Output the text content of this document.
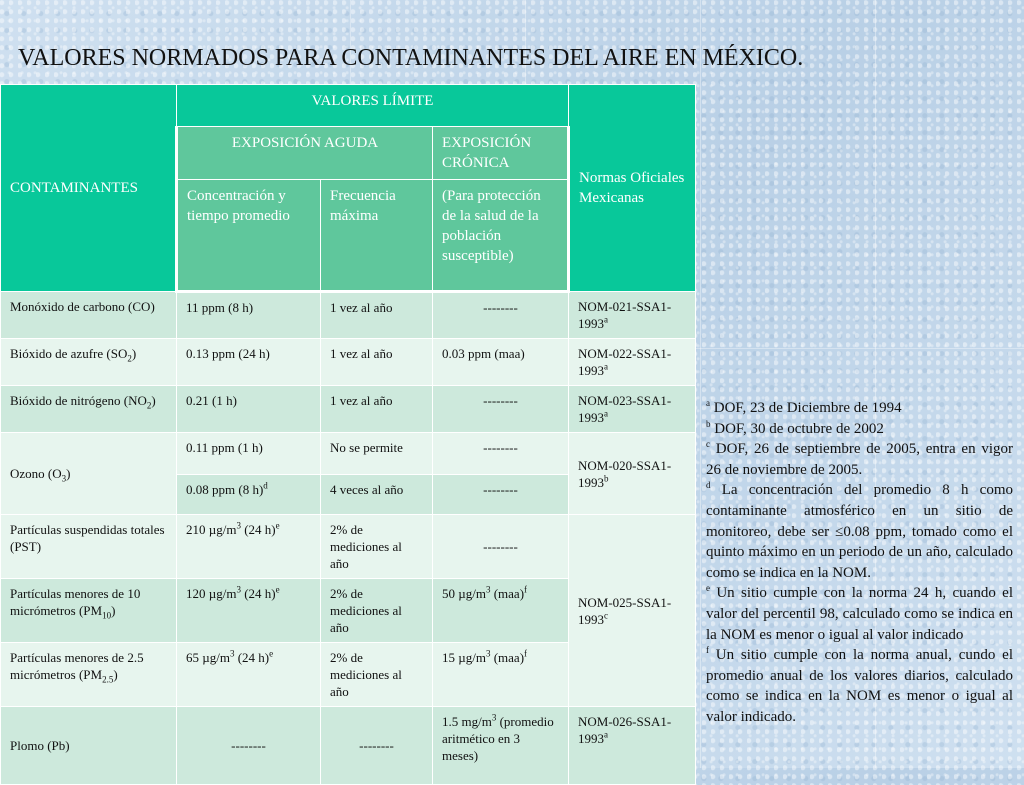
VALORES NORMADOS PARA CONTAMINANTES DEL AIRE EN MÉXICO.
CONTAMINANTES	VALORES LÍMITE			Normas Oficiales Mexicanas
	EXPOSICIÓN AGUDA		EXPOSICIÓN CRÓNICA	
	Concentración y tiempo promedio	Frecuencia máxima	(Para protección de la salud de la población susceptible)	
Monóxido de carbono (CO)	11 ppm (8 h)	1 vez al año	--------	NOM-021-SSA1-1993$^a$
Bióxido de azufre $(SO_2)$	0.13 ppm (24 h)	1 vez al año	0.03 ppm (maa)	NOM-022-SSA1-1993$^a$
Bióxido de nitrógeno $(NO_2)$	0.21 (1 h)	1 vez al año	--------	NOM-023-SSA1-1993$^a$
Ozono $(O_3)$	0.11 ppm (1 h)	No se permite	--------	NOM-020-SSA1-1993$^b$
	0.08 ppm (8 h)$^d$	4 veces al año	--------	
Partículas suspendidas totales (PST)	210 $\mu g/m^3$ (24 h)$^e$	2% de mediciones al año	--------	NOM-025-SSA1-1993$^c$
Partículas menores de 10 micrómetros $(PM_{10})$	120 $\mu g/m^3$ (24 h)$^e$	2% de mediciones al año	50 $\mu g/m^3$ (maa)$^f$
Partículas menores de 2.5 micrómetros $(PM_{2.5})$	65 $\mu g/m^3$ (24 h)$^e$	2% de mediciones al año	15 $\mu g/m^3$ (maa)$^f$
Plomo (Pb)	--------	--------	1.5 $mg/m^3$ (promedio aritmético en 3 meses)	NOM-026-SSA1-1993$^a$

$^a$ DOF, 23 de Diciembre de 1994

$^b$ DOF, 30 de octubre de 2002

$^c$ DOF, 26 de septiembre de 2005, entra en vigor 26 de noviembre de 2005.

$^d$ La concentración del promedio 8 h como contaminante atmosférico en un sitio de monitoreo, debe ser ≤0.08 ppm, tomado como el quinto máximo en un periodo de un año, calculado como se indica en la NOM.

$^e$ Un sitio cumple con la norma 24 h, cuando el valor del percentil 98, calculado como se indica en la NOM es menor o igual al valor indicado

$^f$ Un sitio cumple con la norma anual, cundo el promedio anual de los valores diarios, calculado como se indica en la NOM es menor o igual al valor indicado.
